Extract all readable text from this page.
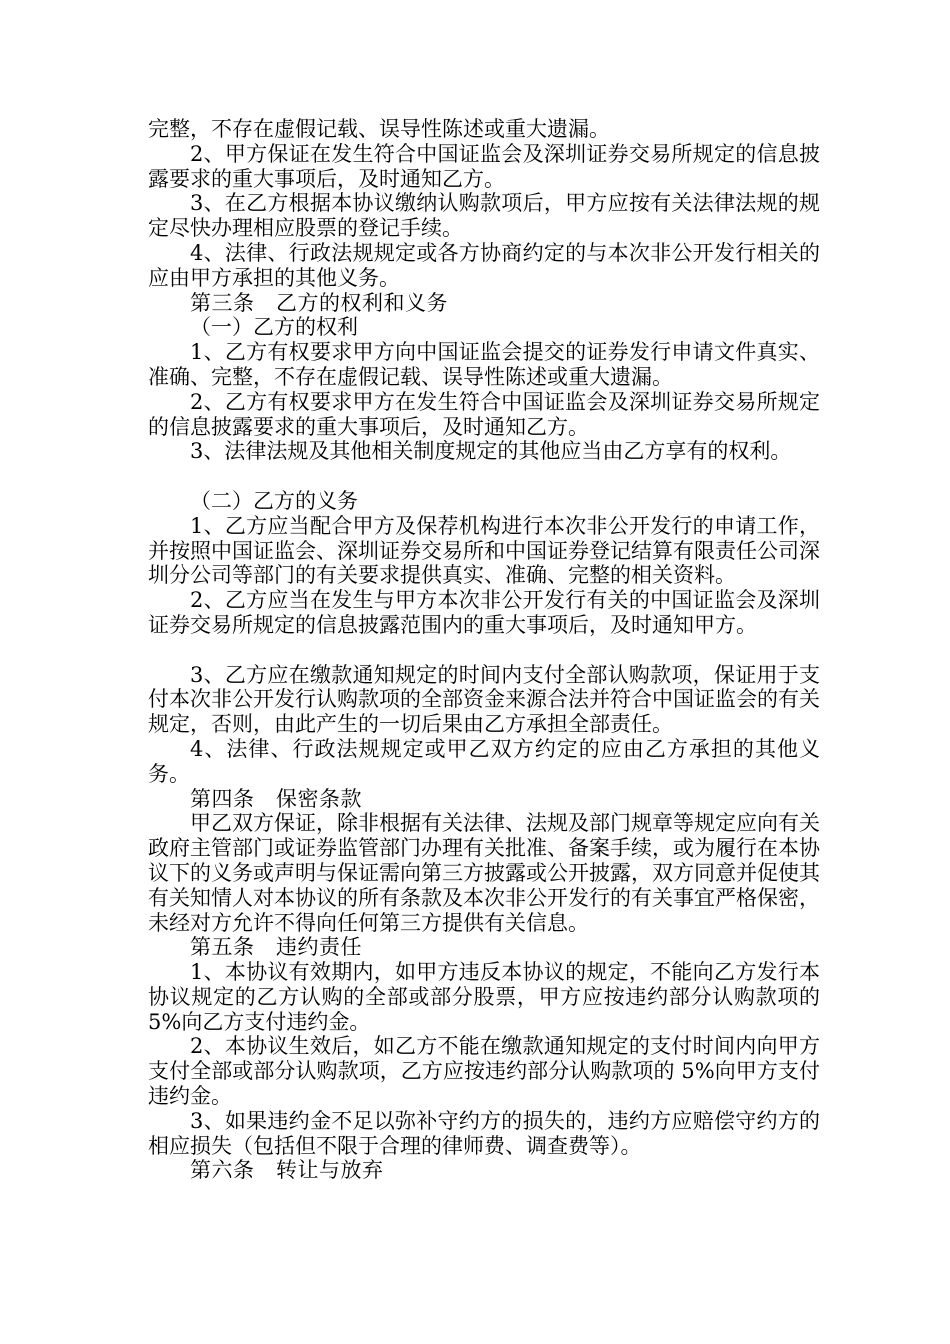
完整，不存在虚假记载、误导性陈述或重大遗漏。

2、甲方保证在发生符合中国证监会及深圳证券交易所规定的信息披露要求的重大事项后，及时通知乙方。

3、在乙方根据本协议缴纳认购款项后，甲方应按有关法律法规的规定尽快办理相应股票的登记手续。

4、法律、行政法规规定或各方协商约定的与本次非公开发行相关的应由甲方承担的其他义务。

第三条　乙方的权利和义务

（一）乙方的权利

1、乙方有权要求甲方向中国证监会提交的证券发行申请文件真实、准确、完整，不存在虚假记载、误导性陈述或重大遗漏。

2、乙方有权要求甲方在发生符合中国证监会及深圳证券交易所规定的信息披露要求的重大事项后，及时通知乙方。

3、法律法规及其他相关制度规定的其他应当由乙方享有的权利。

（二）乙方的义务

1、乙方应当配合甲方及保荐机构进行本次非公开发行的申请工作，并按照中国证监会、深圳证券交易所和中国证券登记结算有限责任公司深圳分公司等部门的有关要求提供真实、准确、完整的相关资料。

2、乙方应当在发生与甲方本次非公开发行有关的中国证监会及深圳证券交易所规定的信息披露范围内的重大事项后，及时通知甲方。

3、乙方应在缴款通知规定的时间内支付全部认购款项，保证用于支付本次非公开发行认购款项的全部资金来源合法并符合中国证监会的有关规定，否则，由此产生的一切后果由乙方承担全部责任。

4、法律、行政法规规定或甲乙双方约定的应由乙方承担的其他义务。

第四条　保密条款

甲乙双方保证，除非根据有关法律、法规及部门规章等规定应向有关政府主管部门或证券监管部门办理有关批准、备案手续，或为履行在本协议下的义务或声明与保证需向第三方披露或公开披露，双方同意并促使其有关知情人对本协议的所有条款及本次非公开发行的有关事宜严格保密，未经对方允许不得向任何第三方提供有关信息。

第五条　违约责任

1、本协议有效期内，如甲方违反本协议的规定，不能向乙方发行本协议规定的乙方认购的全部或部分股票，甲方应按违约部分认购款项的5%向乙方支付违约金。

2、本协议生效后，如乙方不能在缴款通知规定的支付时间内向甲方支付全部或部分认购款项，乙方应按违约部分认购款项的 5%向甲方支付违约金。

3、如果违约金不足以弥补守约方的损失的，违约方应赔偿守约方的相应损失（包括但不限于合理的律师费、调查费等）。

第六条　转让与放弃
